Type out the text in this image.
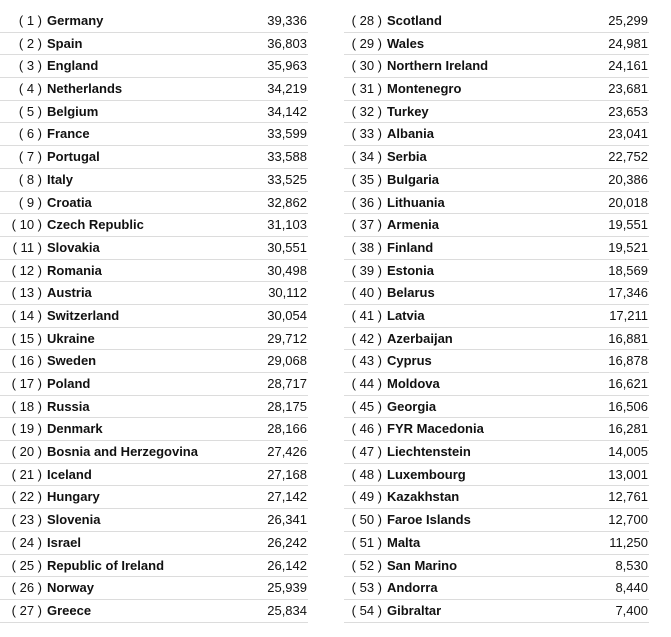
( 1 ) Germany	39,336
( 2 ) Spain	36,803
( 3 ) England	35,963
( 4 ) Netherlands	34,219
( 5 ) Belgium	34,142
( 6 ) France	33,599
( 7 ) Portugal	33,588
( 8 ) Italy	33,525
( 9 ) Croatia	32,862
( 10 ) Czech Republic	31,103
( 11 ) Slovakia	30,551
( 12 ) Romania	30,498
( 13 ) Austria	30,112
( 14 ) Switzerland	30,054
( 15 ) Ukraine	29,712
( 16 ) Sweden	29,068
( 17 ) Poland	28,717
( 18 ) Russia	28,175
( 19 ) Denmark	28,166
( 20 ) Bosnia and Herzegovina	27,426
( 21 ) Iceland	27,168
( 22 ) Hungary	27,142
( 23 ) Slovenia	26,341
( 24 ) Israel	26,242
( 25 ) Republic of Ireland	26,142
( 26 ) Norway	25,939
( 27 ) Greece	25,834
( 28 ) Scotland	25,299
( 29 ) Wales	24,981
( 30 ) Northern Ireland	24,161
( 31 ) Montenegro	23,681
( 32 ) Turkey	23,653
( 33 ) Albania	23,041
( 34 ) Serbia	22,752
( 35 ) Bulgaria	20,386
( 36 ) Lithuania	20,018
( 37 ) Armenia	19,551
( 38 ) Finland	19,521
( 39 ) Estonia	18,569
( 40 ) Belarus	17,346
( 41 ) Latvia	17,211
( 42 ) Azerbaijan	16,881
( 43 ) Cyprus	16,878
( 44 ) Moldova	16,621
( 45 ) Georgia	16,506
( 46 ) FYR Macedonia	16,281
( 47 ) Liechtenstein	14,005
( 48 ) Luxembourg	13,001
( 49 ) Kazakhstan	12,761
( 50 ) Faroe Islands	12,700
( 51 ) Malta	11,250
( 52 ) San Marino	8,530
( 53 ) Andorra	8,440
( 54 ) Gibraltar	7,400
